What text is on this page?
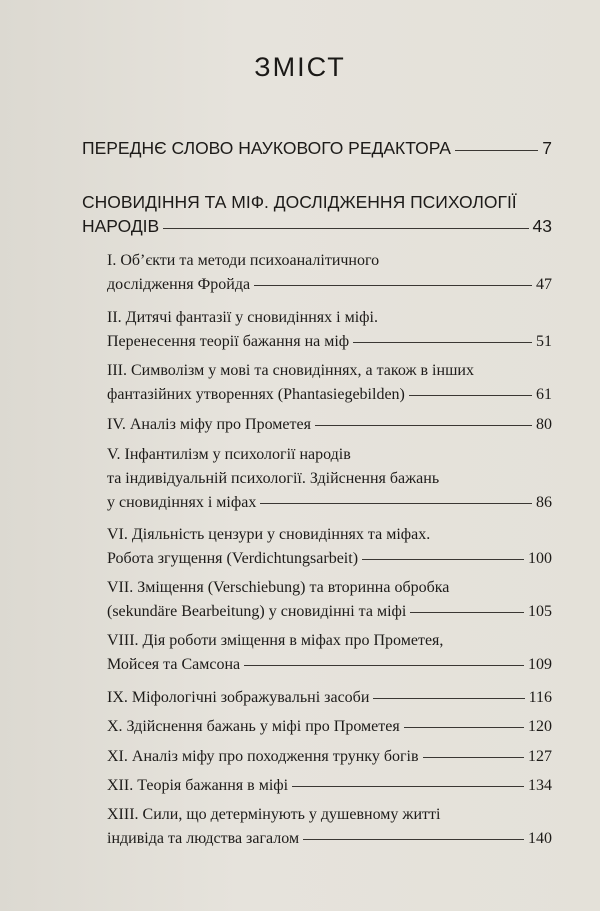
ЗМІСТ
ПЕРЕДНЄ СЛОВО НАУКОВОГО РЕДАКТОРА	7
СНОВИДІННЯ ТА МІФ. ДОСЛІДЖЕННЯ ПСИХОЛОГІЇ
НАРОДІВ	43
I. Об’єкти та методи психоаналітичного
дослідження Фройда	47
II. Дитячі фантазії у сновидіннях і міфі.
Перенесення теорії бажання на міф	51
III. Символізм у мові та сновидіннях, а також в інших
фантазійних утвореннях (Phantasiegebilden)	61
IV. Аналіз міфу про Прометея	80
V. Інфантилізм у психології народів
та індивідуальній психології. Здійснення бажань
у сновидіннях і міфах	86
VI. Діяльність цензури у сновидіннях та міфах.
Робота згущення (Verdichtungsarbeit)	100
VII. Зміщення (Verschiebung) та вторинна обробка
(sekundäre Bearbeitung) у сновидінні та міфі	105
VIII. Дія роботи зміщення в міфах про Прометея,
Мойсея та Самсона	109
IX. Міфологічні зображувальні засоби	116
X. Здійснення бажань у міфі про Прометея	120
XI. Аналіз міфу про походження трунку богів	127
XII. Теорія бажання в міфі	134
XIII. Сили, що детермінують у душевному житті
індивіда та людства загалом	140
